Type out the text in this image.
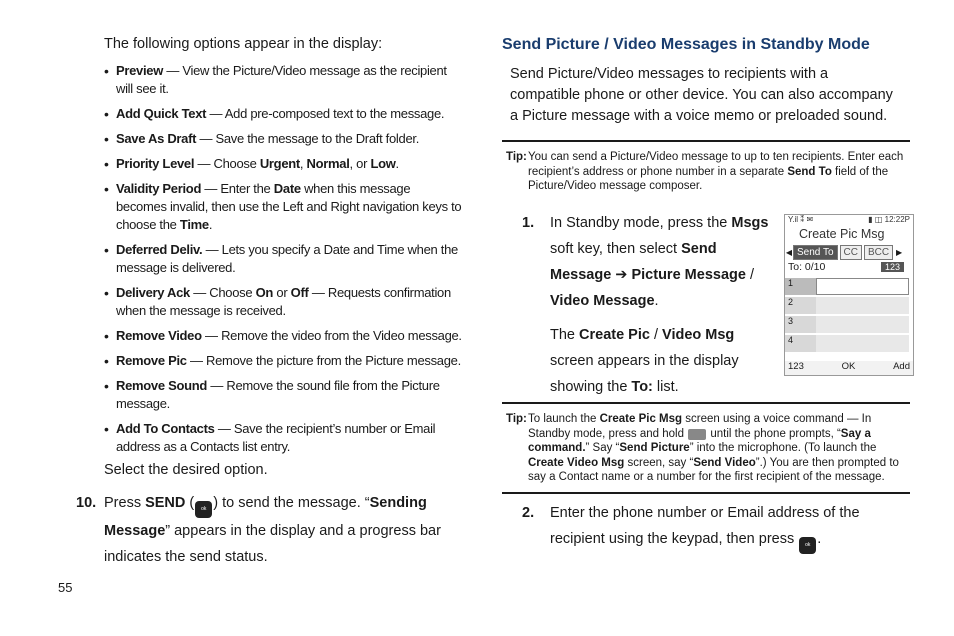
The following options appear in the display:
• Preview — View the Picture/Video message as the recipient will see it.
• Add Quick Text — Add pre-composed text to the message.
• Save As Draft — Save the message to the Draft folder.
• Priority Level — Choose Urgent, Normal, or Low.
• Validity Period — Enter the Date when this message becomes invalid, then use the Left and Right navigation keys to choose the Time.
• Deferred Deliv. — Lets you specify a Date and Time when the message is delivered.
• Delivery Ack — Choose On or Off — Requests confirmation when the message is received.
• Remove Video — Remove the video from the Video message.
• Remove Pic — Remove the picture from the Picture message.
• Remove Sound — Remove the sound file from the Picture message.
• Add To Contacts — Save the recipient’s number or Email address as a Contacts list entry.
Select the desired option.
10. Press SEND ( ok ) to send the message. “Sending Message” appears in the display and a progress bar indicates the send status.
55
Send Picture / Video Messages in Standby Mode
Send Picture/Video messages to recipients with a compatible phone or other device. You can also accompany a Picture message with a voice memo or preloaded sound.
Tip: You can send a Picture/Video message to up to ten recipients. Enter each recipient’s address or phone number in a separate Send To field of the Picture/Video message composer.
1. In Standby mode, press the Msgs soft key, then select Send Message ➔ Picture Message / Video Message.
The Create Pic / Video Msg screen appears in the display showing the To: list.
Y.il ⁑ ✉	▮ ◫ 12:22P
Create Pic Msg
◀ Send To	CC	BCC ▶
To: 0/10	123
1
2
3
4
123	OK	Add
Tip: To launch the Create Pic Msg screen using a voice command — In Standby mode, press and hold  until the phone prompts, “Say a command.” Say “Send Picture” into the microphone. (To launch the Create Video Msg screen, say “Send Video”.) You are then prompted to say a Contact name or a number for the first recipient of the message.
2. Enter the phone number or Email address of the recipient using the keypad, then press ok .
